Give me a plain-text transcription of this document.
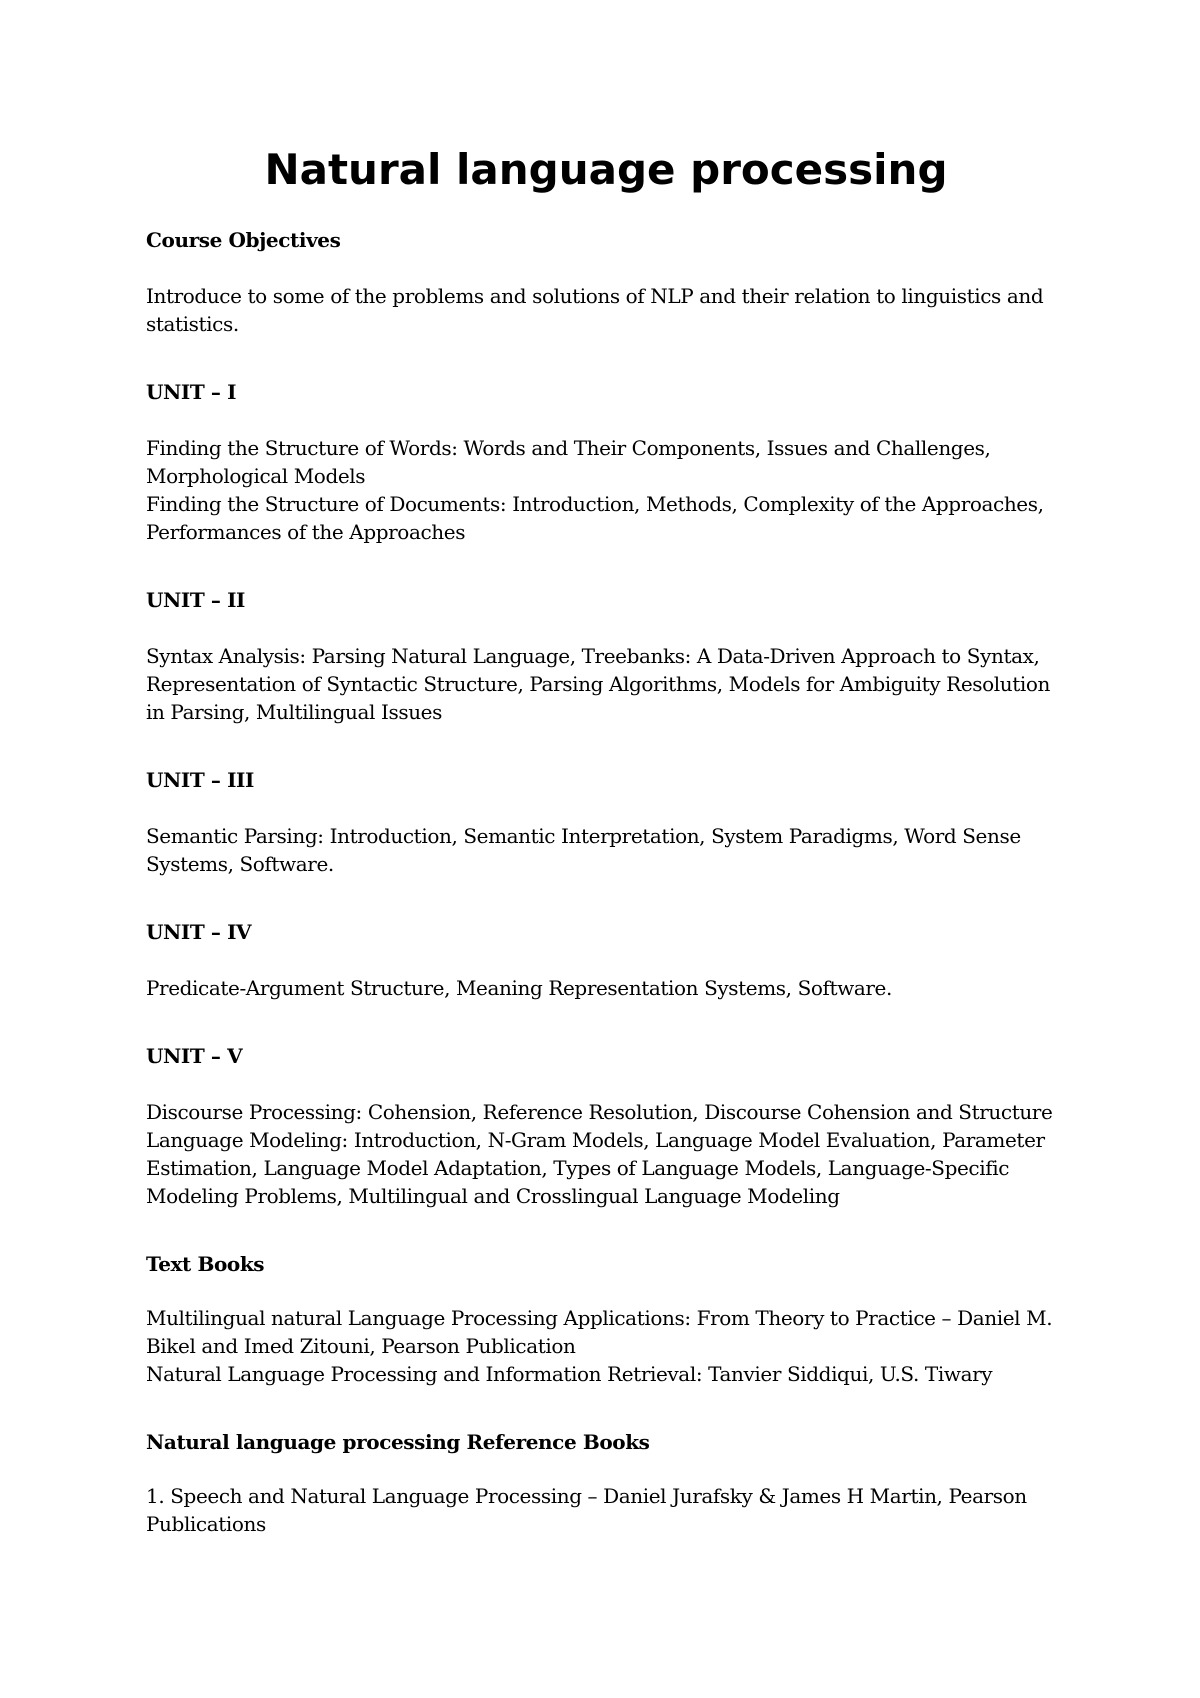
Natural language processing

Course Objectives

Introduce to some of the problems and solutions of NLP and their relation to linguistics and
statistics.

UNIT – I

Finding the Structure of Words: Words and Their Components, Issues and Challenges,
Morphological Models
Finding the Structure of Documents: Introduction, Methods, Complexity of the Approaches,
Performances of the Approaches

UNIT – II

Syntax Analysis: Parsing Natural Language, Treebanks: A Data-Driven Approach to Syntax,
Representation of Syntactic Structure, Parsing Algorithms, Models for Ambiguity Resolution
in Parsing, Multilingual Issues

UNIT – III

Semantic Parsing: Introduction, Semantic Interpretation, System Paradigms, Word Sense
Systems, Software.

UNIT – IV

Predicate-Argument Structure, Meaning Representation Systems, Software.

UNIT – V

Discourse Processing: Cohension, Reference Resolution, Discourse Cohension and Structure
Language Modeling: Introduction, N-Gram Models, Language Model Evaluation, Parameter
Estimation, Language Model Adaptation, Types of Language Models, Language-Specific
Modeling Problems, Multilingual and Crosslingual Language Modeling

Text Books

Multilingual natural Language Processing Applications: From Theory to Practice – Daniel M.
Bikel and Imed Zitouni, Pearson Publication
Natural Language Processing and Information Retrieval: Tanvier Siddiqui, U.S. Tiwary

Natural language processing Reference Books

1. Speech and Natural Language Processing – Daniel Jurafsky & James H Martin, Pearson
Publications
